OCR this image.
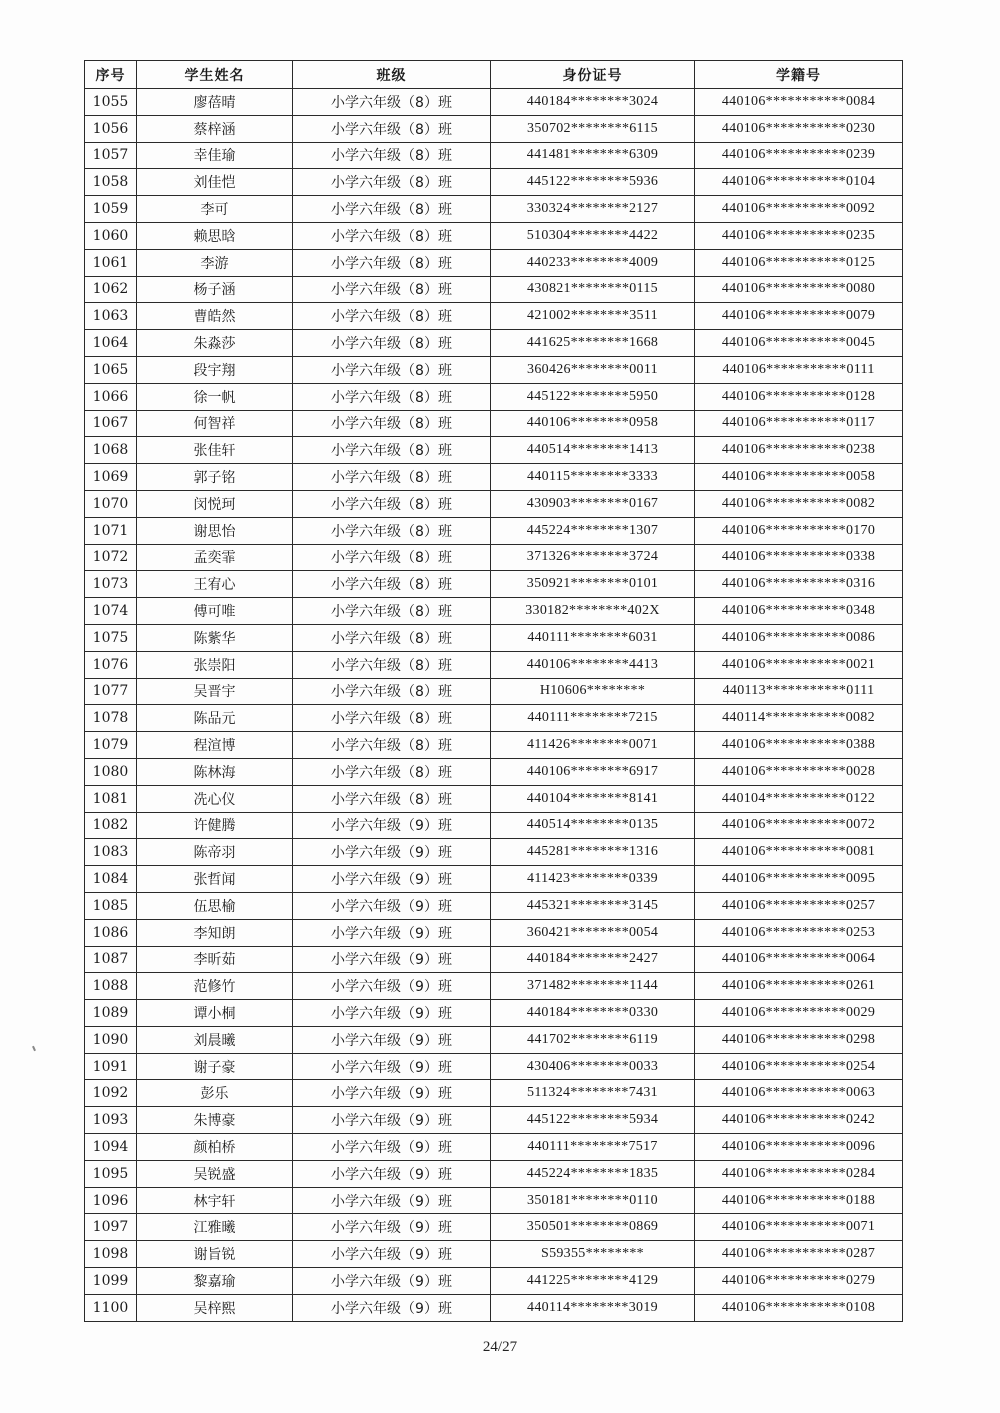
序号	学生姓名	班级	身份证号	学籍号
1055	廖蓓晴	小学六年级（8）班	440184********3024	440106***********0084
1056	蔡梓涵	小学六年级（8）班	350702********6115	440106***********0230
1057	幸佳瑜	小学六年级（8）班	441481********6309	440106***********0239
1058	刘佳恺	小学六年级（8）班	445122********5936	440106***********0104
1059	李可	小学六年级（8）班	330324********2127	440106***********0092
1060	赖思晗	小学六年级（8）班	510304********4422	440106***********0235
1061	李游	小学六年级（8）班	440233********4009	440106***********0125
1062	杨子涵	小学六年级（8）班	430821********0115	440106***********0080
1063	曹皓然	小学六年级（8）班	421002********3511	440106***********0079
1064	朱淼莎	小学六年级（8）班	441625********1668	440106***********0045
1065	段宇翔	小学六年级（8）班	360426********0011	440106***********0111
1066	徐一帆	小学六年级（8）班	445122********5950	440106***********0128
1067	何智祥	小学六年级（8）班	440106********0958	440106***********0117
1068	张佳轩	小学六年级（8）班	440514********1413	440106***********0238
1069	郭子铭	小学六年级（8）班	440115********3333	440106***********0058
1070	闵悦珂	小学六年级（8）班	430903********0167	440106***********0082
1071	谢思怡	小学六年级（8）班	445224********1307	440106***********0170
1072	孟奕霏	小学六年级（8）班	371326********3724	440106***********0338
1073	王宥心	小学六年级（8）班	350921********0101	440106***********0316
1074	傅可唯	小学六年级（8）班	330182********402X	440106***********0348
1075	陈紫华	小学六年级（8）班	440111********6031	440106***********0086
1076	张崇阳	小学六年级（8）班	440106********4413	440106***********0021
1077	吴晋宇	小学六年级（8）班	H10606********	440113***********0111
1078	陈品元	小学六年级（8）班	440111********7215	440114***********0082
1079	程渲博	小学六年级（8）班	411426********0071	440106***********0388
1080	陈林海	小学六年级（8）班	440106********6917	440106***********0028
1081	冼心仪	小学六年级（8）班	440104********8141	440104***********0122
1082	许健腾	小学六年级（9）班	440514********0135	440106***********0072
1083	陈帝羽	小学六年级（9）班	445281********1316	440106***********0081
1084	张哲闻	小学六年级（9）班	411423********0339	440106***********0095
1085	伍思榆	小学六年级（9）班	445321********3145	440106***********0257
1086	李知朗	小学六年级（9）班	360421********0054	440106***********0253
1087	李昕茹	小学六年级（9）班	440184********2427	440106***********0064
1088	范修竹	小学六年级（9）班	371482********1144	440106***********0261
1089	谭小桐	小学六年级（9）班	440184********0330	440106***********0029
1090	刘晨曦	小学六年级（9）班	441702********6119	440106***********0298
1091	谢子豪	小学六年级（9）班	430406********0033	440106***********0254
1092	彭乐	小学六年级（9）班	511324********7431	440106***********0063
1093	朱博豪	小学六年级（9）班	445122********5934	440106***********0242
1094	颜柏桥	小学六年级（9）班	440111********7517	440106***********0096
1095	吴锐盛	小学六年级（9）班	445224********1835	440106***********0284
1096	林宇轩	小学六年级（9）班	350181********0110	440106***********0188
1097	江雅曦	小学六年级（9）班	350501********0869	440106***********0071
1098	谢旨锐	小学六年级（9）班	S59355********	440106***********0287
1099	黎嘉瑜	小学六年级（9）班	441225********4129	440106***********0279
1100	吴梓熙	小学六年级（9）班	440114********3019	440106***********0108
24/27
